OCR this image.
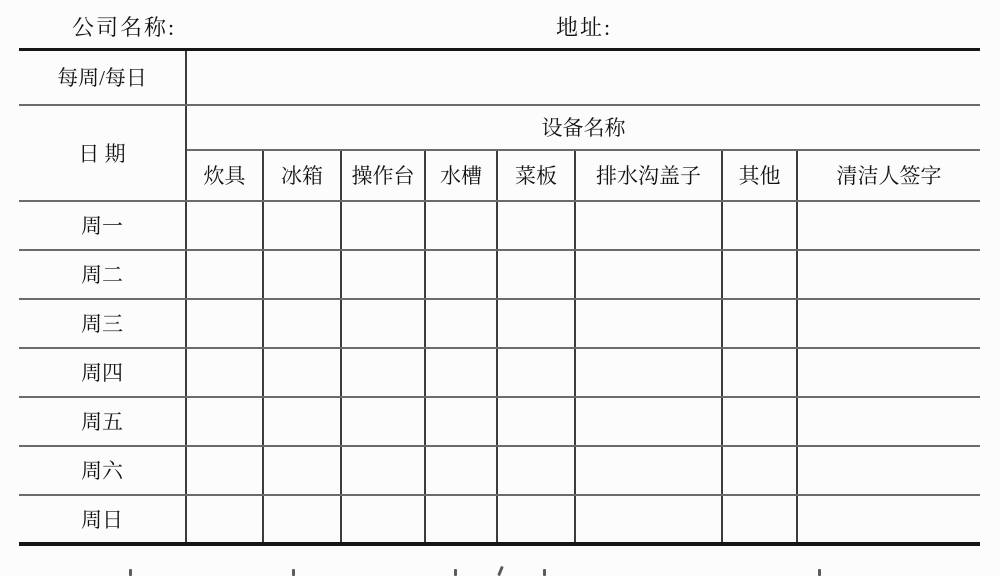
公司名称:	地址:
每周/每日								
日 期	设备名称							
	炊具	冰箱	操作台	水槽	菜板	排水沟盖子	其他	清洁人签字
周一								
周二								
周三								
周四								
周五								
周六								
周日								
